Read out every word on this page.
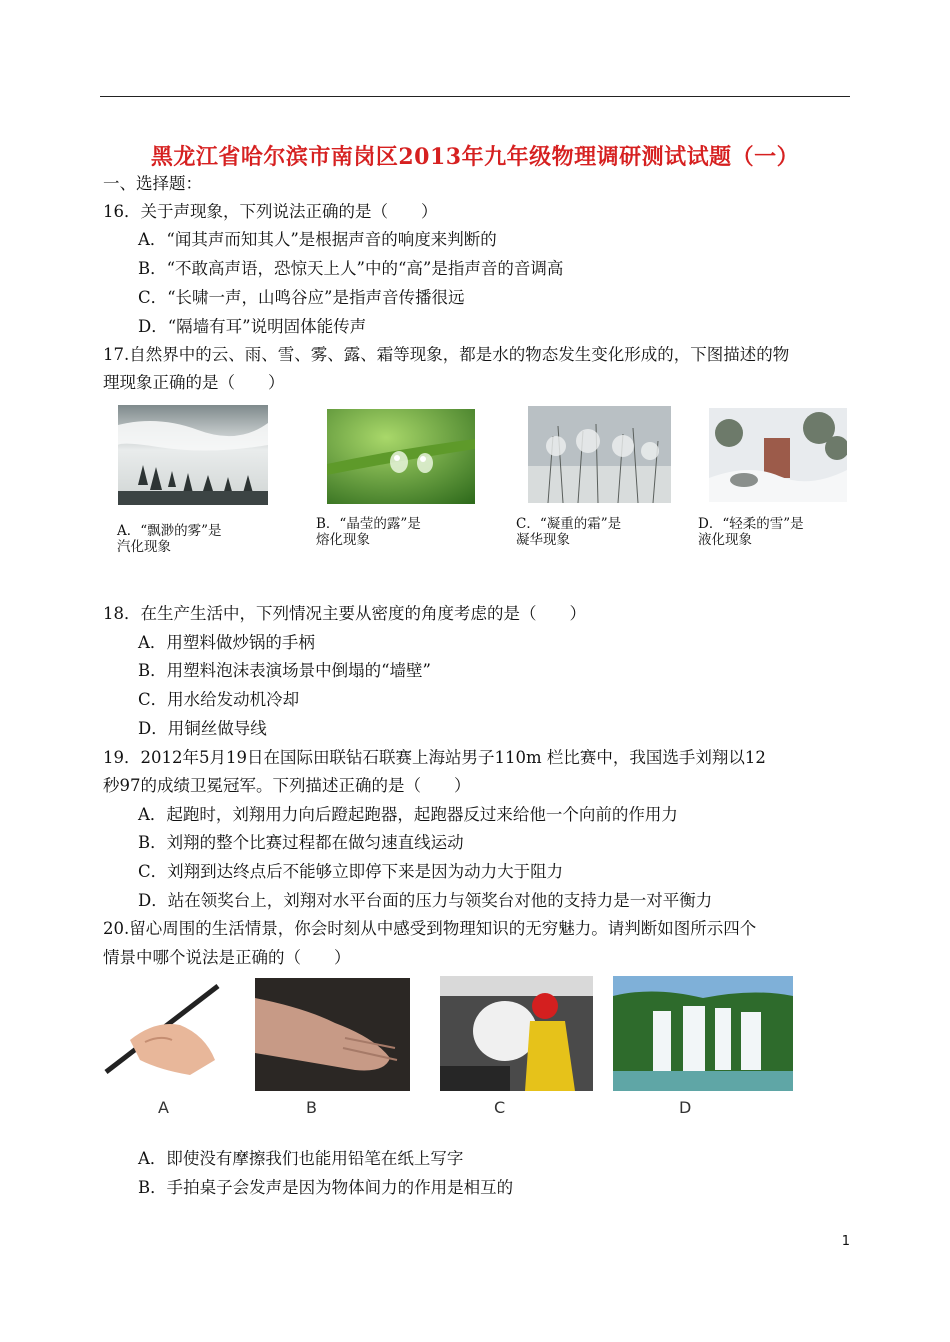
黑龙江省哈尔滨市南岗区2013年九年级物理调研测试试题（一）
一、选择题：
16．关于声现象，下列说法正确的是（　　）
A．“闻其声而知其人”是根据声音的响度来判断的
B．“不敢高声语，恐惊天上人”中的“高”是指声音的音调高
C．“长啸一声，山鸣谷应”是指声音传播很远
D．“隔墙有耳”说明固体能传声
17.自然界中的云、雨、雪、雾、露、霜等现象，都是水的物态发生变化形成的，下图描述的物
理现象正确的是（　　）
A．“飘渺的雾”是
汽化现象
B．“晶莹的露”是
熔化现象
C．“凝重的霜”是
凝华现象
D．“轻柔的雪”是
液化现象
18．在生产生活中，下列情况主要从密度的角度考虑的是（　　）
A．用塑料做炒锅的手柄
B．用塑料泡沫表演场景中倒塌的“墙壁”
C．用水给发动机冷却
D．用铜丝做导线
19．2012年5月19日在国际田联钻石联赛上海站男子110m 栏比赛中，我国选手刘翔以12
秒97的成绩卫冕冠军。下列描述正确的是（　　）
A．起跑时，刘翔用力向后蹬起跑器，起跑器反过来给他一个向前的作用力
B．刘翔的整个比赛过程都在做匀速直线运动
C．刘翔到达终点后不能够立即停下来是因为动力大于阻力
D．站在领奖台上，刘翔对水平台面的压力与领奖台对他的支持力是一对平衡力
20.留心周围的生活情景，你会时刻从中感受到物理知识的无穷魅力。请判断如图所示四个
情景中哪个说法是正确的（　　）
A	B	C	D
A．即使没有摩擦我们也能用铅笔在纸上写字
B．手拍桌子会发声是因为物体间力的作用是相互的
1
